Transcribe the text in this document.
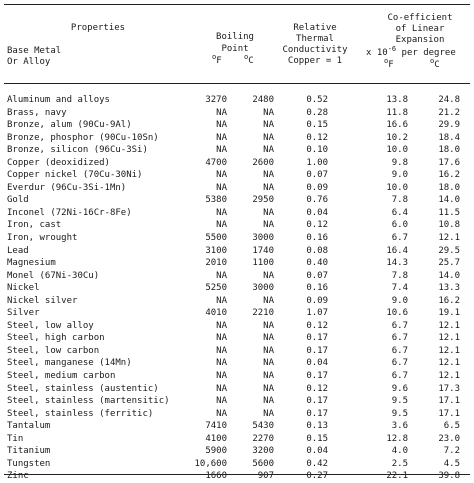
Properties
Base Metal
Or Alloy
Boiling
Point
$^o$F	$^o$C
Relative
Thermal
Conductivity
Copper = 1
Co-efficient
of Linear
Expansion
x $10^{-6}$ per degree
$^o$F	$^o$C
Aluminum and alloys	3270	2480	0.52	13.8	24.8
Brass, navy	NA	NA	0.28	11.8	21.2
Bronze, alum (90Cu-9Al)	NA	NA	0.15	16.6	29.9
Bronze, phosphor (90Cu-10Sn)	NA	NA	0.12	10.2	18.4
Bronze, silicon (96Cu-3Si)	NA	NA	0.10	10.0	18.0
Copper (deoxidized)	4700	2600	1.00	9.8	17.6
Copper nickel (70Cu-30Ni)	NA	NA	0.07	9.0	16.2
Everdur (96Cu-3Si-1Mn)	NA	NA	0.09	10.0	18.0
Gold	5380	2950	0.76	7.8	14.0
Inconel (72Ni-16Cr-8Fe)	NA	NA	0.04	6.4	11.5
Iron, cast	NA	NA	0.12	6.0	10.8
Iron, wrought	5500	3000	0.16	6.7	12.1
Lead	3100	1740	0.08	16.4	29.5
Magnesium	2010	1100	0.40	14.3	25.7
Monel (67Ni-30Cu)	NA	NA	0.07	7.8	14.0
Nickel	5250	3000	0.16	7.4	13.3
Nickel silver	NA	NA	0.09	9.0	16.2
Silver	4010	2210	1.07	10.6	19.1
Steel, low alloy	NA	NA	0.12	6.7	12.1
Steel, high carbon	NA	NA	0.17	6.7	12.1
Steel, low carbon	NA	NA	0.17	6.7	12.1
Steel, manganese (14Mn)	NA	NA	0.04	6.7	12.1
Steel, medium carbon	NA	NA	0.17	6.7	12.1
Steel, stainless (austentic)	NA	NA	0.12	9.6	17.3
Steel, stainless (martensitic)	NA	NA	0.17	9.5	17.1
Steel, stainless (ferritic)	NA	NA	0.17	9.5	17.1
Tantalum	7410	5430	0.13	3.6	6.5
Tin	4100	2270	0.15	12.8	23.0
Titanium	5900	3200	0.04	4.0	7.2
Tungsten	10,600	5600	0.42	2.5	4.5
Zinc	1660	907	0.27	22.1	39.8
